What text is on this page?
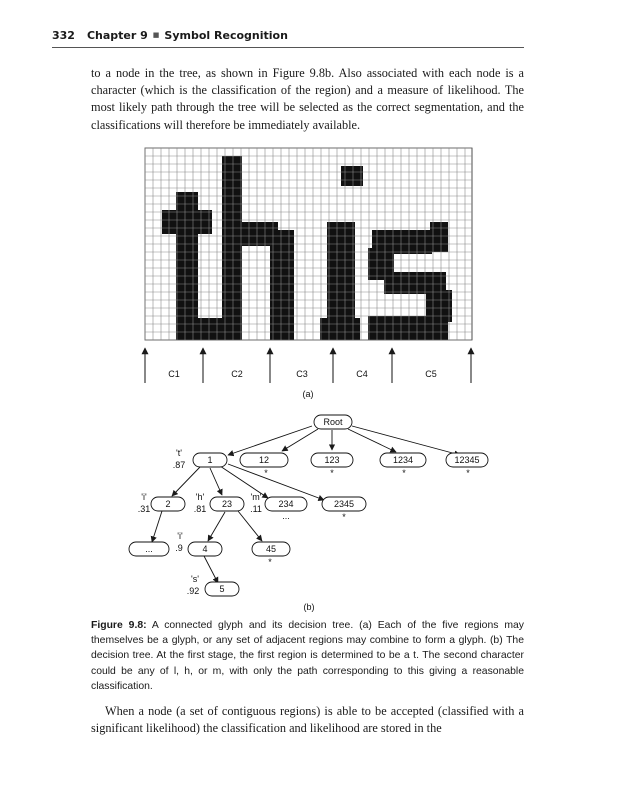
332 Chapter 9 ■ Symbol Recognition

to a node in the tree, as shown in Figure 9.8b. Also associated with each node is a character (which is the classification of the region) and a measure of likelihood. The most likely path through the tree will be selected as the correct segmentation, and the classifications will therefore be immediately available.

C1	C2	C3	C4	C5
(a)
Root
1
't'
.87	12
*
123
*
1234
*
12345
*
2
'i'
.31	23
'h'
.81	234
'm'
.11
...
2345
*
...	4
'i'
.9	45
*
5
's'
.92
(b)
Figure 9.8: A connected glyph and its decision tree. (a) Each of the five regions may themselves be a glyph, or any set of adjacent regions may combine to form a glyph. (b) The decision tree. At the first stage, the first region is determined to be a t. The second character could be any of l, h, or m, with only the path corresponding to this giving a reasonable classification.

When a node (a set of contiguous regions) is able to be accepted (classified with a significant likelihood) the classification and likelihood are stored in the
